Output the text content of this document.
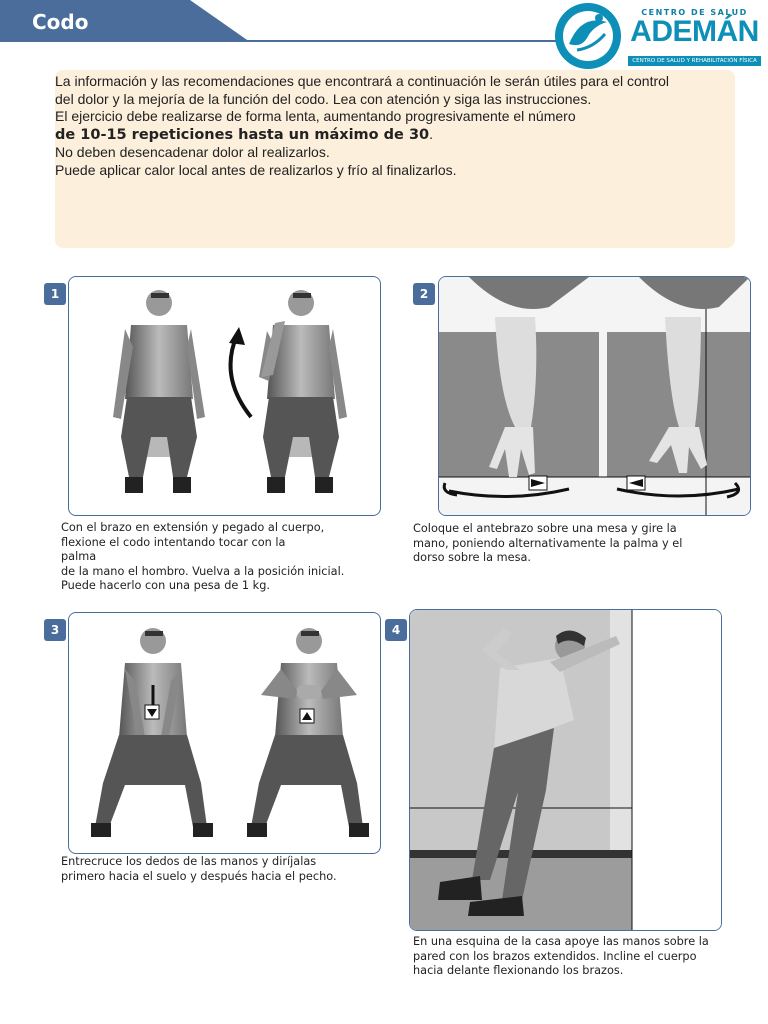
Codo	CENTRO DE SALUD
ADEMÁN
CENTRO DE SALUD Y REHABILITACIÓN FÍSICA

La información y las recomendaciones que encontrará a continuación le serán útiles para el control

del dolor y la mejoría de la función del codo. Lea con atención y siga las instrucciones.

El ejercicio debe realizarse de forma lenta, aumentando progresivamente el número

de 10-15 repeticiones hasta un máximo de 30.

No deben desencadenar dolor al realizarlos.

Puede aplicar calor local antes de realizarlos y frío al finalizarlos.

1

Con el brazo en extensión y pegado al cuerpo,

flexione el codo intentando tocar con la

palma

de la mano el hombro. Vuelva a la posición inicial.

Puede hacerlo con una pesa de 1 kg.

2

Coloque el antebrazo sobre una mesa y gire la

mano, poniendo alternativamente la palma y el

dorso sobre la mesa.

3

Entrecruce los dedos de las manos y diríjalas

primero hacia el suelo y después hacia el pecho.

4

En una esquina de la casa apoye las manos sobre la

pared con los brazos extendidos. Incline el cuerpo

hacia delante flexionando los brazos.
